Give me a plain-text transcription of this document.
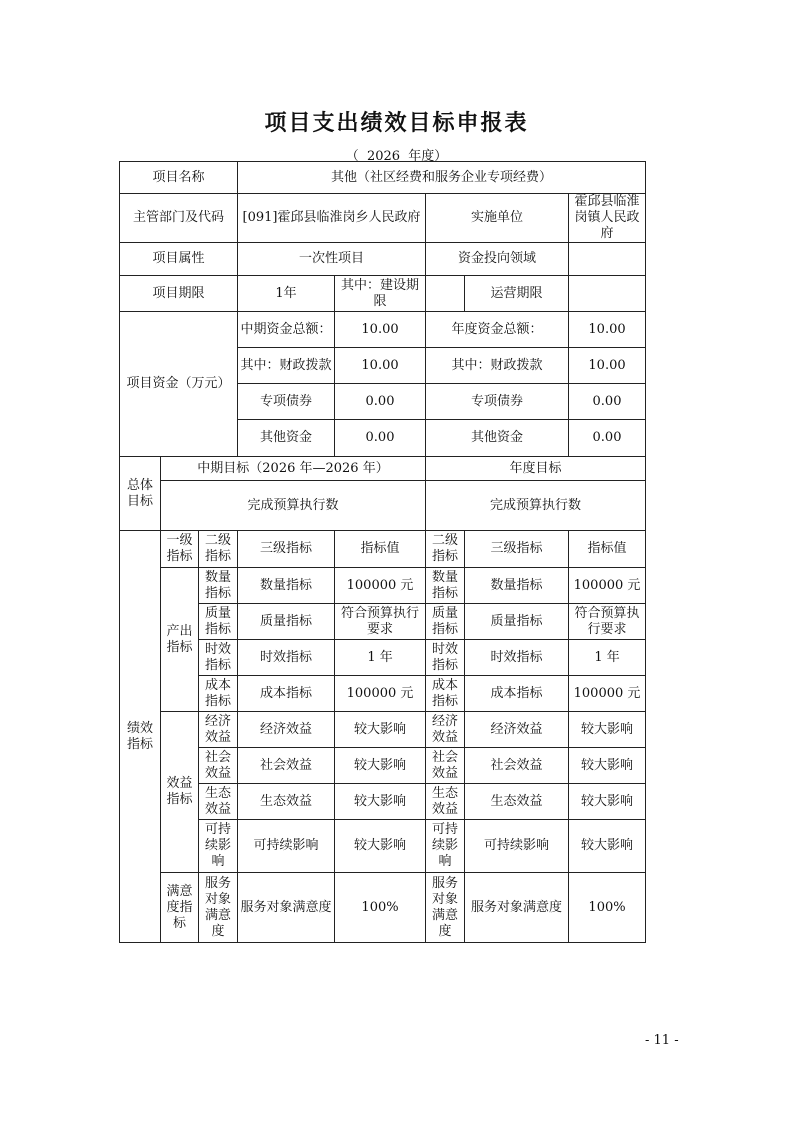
项目支出绩效目标申报表
（  2026  年度）
项目名称			其他（社区经费和服务企业专项经费）				
主管部门及代码			[091]霍邱县临淮岗乡人民政府		实施单位		霍邱县临淮岗镇人民政府
项目属性			一次性项目		资金投向领域		
项目期限			1年	其中：建设期限		运营期限	
项目资金（万元）			中期资金总额：	10.00	年度资金总额：		10.00
			其中：财政拨款	10.00	其中：财政拨款		10.00
			专项债券	0.00	专项债券		0.00
			其他资金	0.00	其他资金		0.00
总体目标	中期目标（2026 年—2026 年）				年度目标		
	完成预算执行数				完成预算执行数		
绩效指标	一级指标	二级指标	三级指标	指标值	二级指标	三级指标	指标值
	产出指标	数量指标	数量指标	100000 元	数量指标	数量指标	100000 元
		质量指标	质量指标	符合预算执行要求	质量指标	质量指标	符合预算执行要求
		时效指标	时效指标	1 年	时效指标	时效指标	1 年
		成本指标	成本指标	100000 元	成本指标	成本指标	100000 元
	效益指标	经济效益	经济效益	较大影响	经济效益	经济效益	较大影响
		社会效益	社会效益	较大影响	社会效益	社会效益	较大影响
		生态效益	生态效益	较大影响	生态效益	生态效益	较大影响
		可持续影响	可持续影响	较大影响	可持续影响	可持续影响	较大影响
	满意度指标	服务对象满意度	服务对象满意度	100%	服务对象满意度	服务对象满意度	100%
- 11 -
